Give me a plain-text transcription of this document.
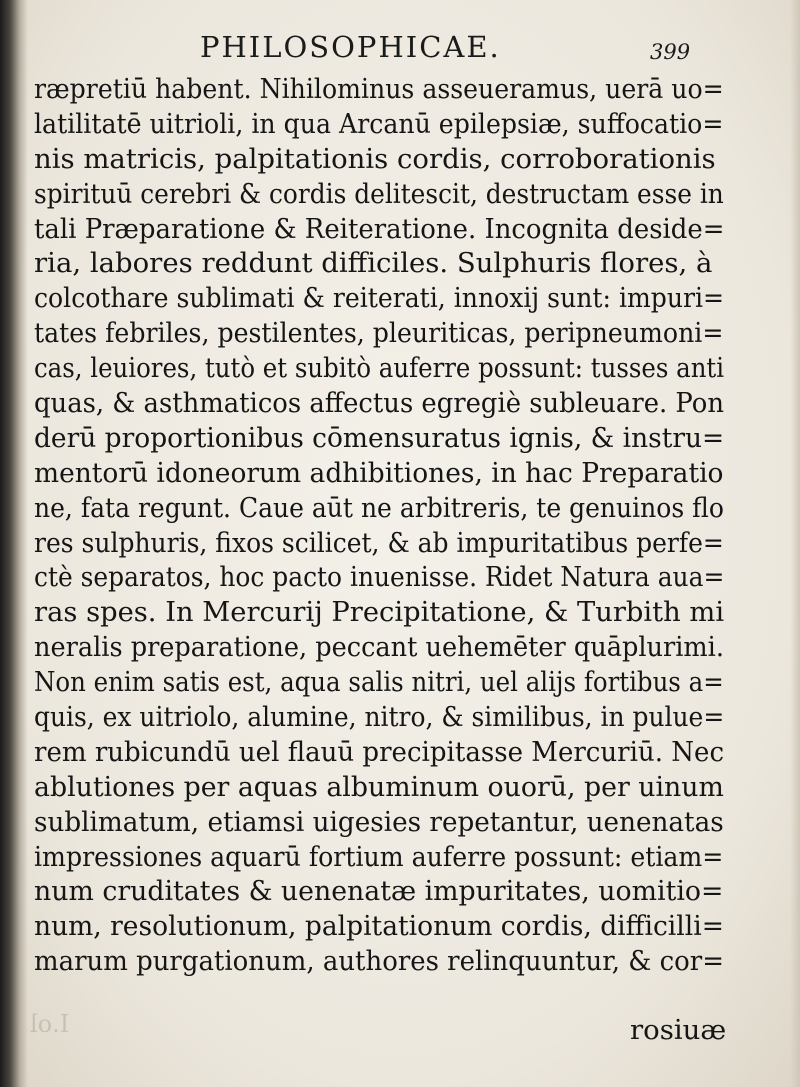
PHILOSOPHICAE.	399
ræpretiū habent. Nihilominus asseueramus, uerā uo=
latilitatē uitrioli, in qua Arcanū epilepsiæ, suffocatio=
nis matricis, palpitationis cordis, corroborationis
spirituū cerebri & cordis delitescit, destructam esse in
tali Præparatione & Reiteratione. Incognita deside=
ria, labores reddunt difficiles. Sulphuris flores, à
colcothare sublimati & reiterati, innoxij sunt: impuri=
tates febriles, pestilentes, pleuriticas, peripneumoni=
cas, leuiores, tutò et subitò auferre possunt: tusses anti
quas, & asthmaticos affectus egregiè subleuare. Pon
derū proportionibus cōmensuratus ignis, & instru=
mentorū idoneorum adhibitiones, in hac Preparatio
ne, fata regunt. Caue aūt ne arbitreris, te genuinos flo
res sulphuris, fixos scilicet, & ab impuritatibus perfe=
ctè separatos, hoc pacto inuenisse. Ridet Natura aua=
ras spes. In Mercurij Precipitatione, & Turbith mi
neralis preparatione, peccant uehemēter quāplurimi.
Non enim satis est, aqua salis nitri, uel alijs fortibus a=
quis, ex uitriolo, alumine, nitro, & similibus, in pulue=
rem rubicundū uel flauū precipitasse Mercuriū. Nec
ablutiones per aquas albuminum ouorū, per uinum
sublimatum, etiamsi uigesies repetantur, uenenatas
impressiones aquarū fortium auferre possunt: etiam=
num cruditates & uenenatæ impuritates, uomitio=
num, resolutionum, palpitationum cordis, difficilli=
marum purgationum, authores relinquuntur, & cor=
rosiuæ
I.ol
